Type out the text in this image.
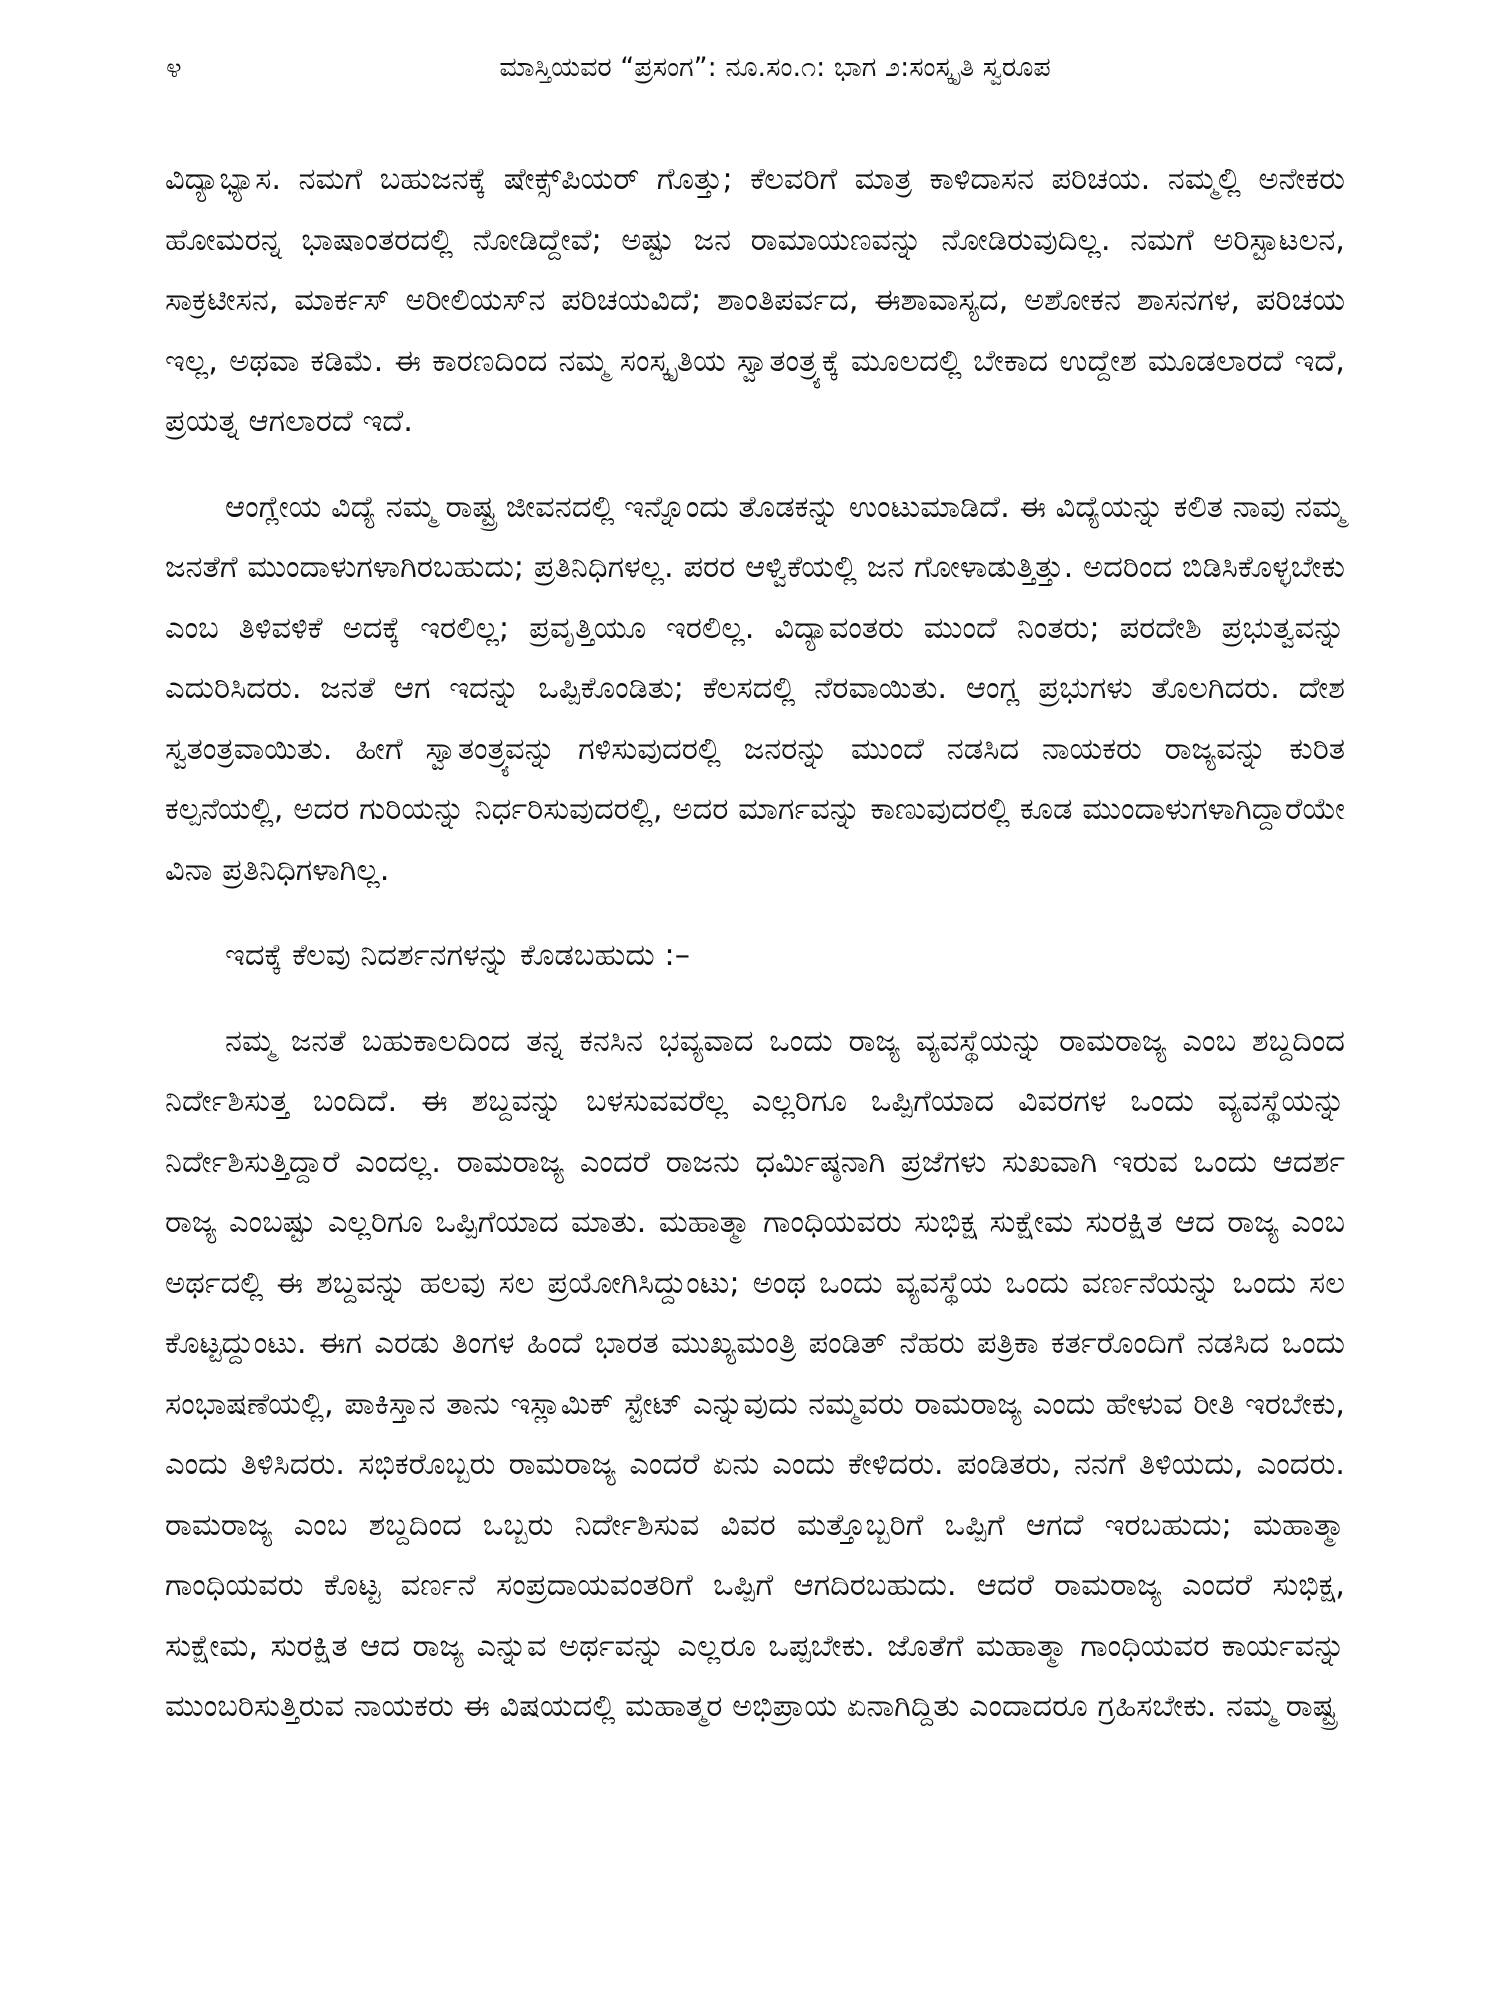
೪	ಮಾಸ್ತಿಯವರ “ಪ್ರಸಂಗ”: ನೂ.ಸಂ.೧: ಭಾಗ ೨:ಸಂಸ್ಕೃತಿ ಸ್ವರೂಪ

ವಿದ್ಯಾಭ್ಯಾಸ. ನಮಗೆ ಬಹುಜನಕ್ಕೆ ಷೇಕ್ಸ್‌ಪಿಯರ್ ಗೊತ್ತು; ಕೆಲವರಿಗೆ ಮಾತ್ರ ಕಾಳಿದಾಸನ ಪರಿಚಯ. ನಮ್ಮಲ್ಲಿ ಅನೇಕರು ಹೋಮರನ್ನ ಭಾಷಾಂತರದಲ್ಲಿ ನೋಡಿದ್ದೇವೆ; ಅಷ್ಟು ಜನ ರಾಮಾಯಣವನ್ನು ನೋಡಿರುವುದಿಲ್ಲ. ನಮಗೆ ಅರಿಸ್ಟಾಟಲನ, ಸಾಕ್ರಟೀಸನ, ಮಾರ್ಕಸ್ ಅರೀಲಿಯಸ್‌ನ ಪರಿಚಯವಿದೆ; ಶಾಂತಿಪರ್ವದ, ಈಶಾವಾಸ್ಯದ, ಅಶೋಕನ ಶಾಸನಗಳ, ಪರಿಚಯ ಇಲ್ಲ, ಅಥವಾ ಕಡಿಮೆ. ಈ ಕಾರಣದಿಂದ ನಮ್ಮ ಸಂಸ್ಕೃತಿಯ ಸ್ವಾತಂತ್ರ್ಯಕ್ಕೆ ಮೂಲದಲ್ಲಿ ಬೇಕಾದ ಉದ್ದೇಶ ಮೂಡಲಾರದೆ ಇದೆ, ಪ್ರಯತ್ನ ಆಗಲಾರದೆ ಇದೆ.

ಆಂಗ್ಲೇಯ ವಿದ್ಯೆ ನಮ್ಮ ರಾಷ್ಟ್ರ ಜೀವನದಲ್ಲಿ ಇನ್ನೊಂದು ತೊಡಕನ್ನು ಉಂಟುಮಾಡಿದೆ. ಈ ವಿದ್ಯೆಯನ್ನು ಕಲಿತ ನಾವು ನಮ್ಮ ಜನತೆಗೆ ಮುಂದಾಳುಗಳಾಗಿರಬಹುದು; ಪ್ರತಿನಿಧಿಗಳಲ್ಲ. ಪರರ ಆಳ್ವಿಕೆಯಲ್ಲಿ ಜನ ಗೋಳಾಡುತ್ತಿತ್ತು. ಅದರಿಂದ ಬಿಡಿಸಿಕೊಳ್ಳಬೇಕು ಎಂಬ ತಿಳಿವಳಿಕೆ ಅದಕ್ಕೆ ಇರಲಿಲ್ಲ; ಪ್ರವೃತ್ತಿಯೂ ಇರಲಿಲ್ಲ. ವಿದ್ಯಾವಂತರು ಮುಂದೆ ನಿಂತರು; ಪರದೇಶಿ ಪ್ರಭುತ್ವವನ್ನು ಎದುರಿಸಿದರು. ಜನತೆ ಆಗ ಇದನ್ನು ಒಪ್ಪಿಕೊಂಡಿತು; ಕೆಲಸದಲ್ಲಿ ನೆರವಾಯಿತು. ಆಂಗ್ಲ ಪ್ರಭುಗಳು ತೊಲಗಿದರು. ದೇಶ ಸ್ವತಂತ್ರವಾಯಿತು. ಹೀಗೆ ಸ್ವಾತಂತ್ರ್ಯವನ್ನು ಗಳಿಸುವುದರಲ್ಲಿ ಜನರನ್ನು ಮುಂದೆ ನಡಸಿದ ನಾಯಕರು ರಾಜ್ಯವನ್ನು ಕುರಿತ ಕಲ್ಪನೆಯಲ್ಲಿ, ಅದರ ಗುರಿಯನ್ನು ನಿರ್ಧರಿಸುವುದರಲ್ಲಿ, ಅದರ ಮಾರ್ಗವನ್ನು ಕಾಣುವುದರಲ್ಲಿ ಕೂಡ ಮುಂದಾಳುಗಳಾಗಿದ್ದಾರೆಯೇ ವಿನಾ ಪ್ರತಿನಿಧಿಗಳಾಗಿಲ್ಲ.

ಇದಕ್ಕೆ ಕೆಲವು ನಿದರ್ಶನಗಳನ್ನು ಕೊಡಬಹುದು :–

ನಮ್ಮ ಜನತೆ ಬಹುಕಾಲದಿಂದ ತನ್ನ ಕನಸಿನ ಭವ್ಯವಾದ ಒಂದು ರಾಜ್ಯ ವ್ಯವಸ್ಥೆಯನ್ನು ರಾಮರಾಜ್ಯ ಎಂಬ ಶಬ್ದದಿಂದ ನಿರ್ದೇಶಿಸುತ್ತ ಬಂದಿದೆ. ಈ ಶಬ್ದವನ್ನು ಬಳಸುವವರೆಲ್ಲ ಎಲ್ಲರಿಗೂ ಒಪ್ಪಿಗೆಯಾದ ವಿವರಗಳ ಒಂದು ವ್ಯವಸ್ಥೆಯನ್ನು ನಿರ್ದೇಶಿಸುತ್ತಿದ್ದಾರೆ ಎಂದಲ್ಲ. ರಾಮರಾಜ್ಯ ಎಂದರೆ ರಾಜನು ಧರ್ಮಿಷ್ಠನಾಗಿ ಪ್ರಜೆಗಳು ಸುಖವಾಗಿ ಇರುವ ಒಂದು ಆದರ್ಶ ರಾಜ್ಯ ಎಂಬಷ್ಟು ಎಲ್ಲರಿಗೂ ಒಪ್ಪಿಗೆಯಾದ ಮಾತು. ಮಹಾತ್ಮಾ ಗಾಂಧಿಯವರು ಸುಭಿಕ್ಷ ಸುಕ್ಷೇಮ ಸುರಕ್ಷಿತ ಆದ ರಾಜ್ಯ ಎಂಬ ಅರ್ಥದಲ್ಲಿ ಈ ಶಬ್ದವನ್ನು ಹಲವು ಸಲ ಪ್ರಯೋಗಿಸಿದ್ದುಂಟು; ಅಂಥ ಒಂದು ವ್ಯವಸ್ಥೆಯ ಒಂದು ವರ್ಣನೆಯನ್ನು ಒಂದು ಸಲ ಕೊಟ್ಟದ್ದುಂಟು. ಈಗ ಎರಡು ತಿಂಗಳ ಹಿಂದೆ ಭಾರತ ಮುಖ್ಯಮಂತ್ರಿ ಪಂಡಿತ್ ನೆಹರು ಪತ್ರಿಕಾ ಕರ್ತರೊಂದಿಗೆ ನಡಸಿದ ಒಂದು ಸಂಭಾಷಣೆಯಲ್ಲಿ, ಪಾಕಿಸ್ತಾನ ತಾನು ಇಸ್ಲಾಮಿಕ್ ಸ್ಟೇಟ್ ಎನ್ನುವುದು ನಮ್ಮವರು ರಾಮರಾಜ್ಯ ಎಂದು ಹೇಳುವ ರೀತಿ ಇರಬೇಕು, ಎಂದು ತಿಳಿಸಿದರು. ಸಭಿಕರೊಬ್ಬರು ರಾಮರಾಜ್ಯ ಎಂದರೆ ಏನು ಎಂದು ಕೇಳಿದರು. ಪಂಡಿತರು, ನನಗೆ ತಿಳಿಯದು, ಎಂದರು. ರಾಮರಾಜ್ಯ ಎಂಬ ಶಬ್ದದಿಂದ ಒಬ್ಬರು ನಿರ್ದೇಶಿಸುವ ವಿವರ ಮತ್ತೊಬ್ಬರಿಗೆ ಒಪ್ಪಿಗೆ ಆಗದೆ ಇರಬಹುದು; ಮಹಾತ್ಮಾ ಗಾಂಧಿಯವರು ಕೊಟ್ಟ ವರ್ಣನೆ ಸಂಪ್ರದಾಯವಂತರಿಗೆ ಒಪ್ಪಿಗೆ ಆಗದಿರಬಹುದು. ಆದರೆ ರಾಮರಾಜ್ಯ ಎಂದರೆ ಸುಭಿಕ್ಷ, ಸುಕ್ಷೇಮ, ಸುರಕ್ಷಿತ ಆದ ರಾಜ್ಯ ಎನ್ನುವ ಅರ್ಥವನ್ನು ಎಲ್ಲರೂ ಒಪ್ಪಬೇಕು. ಜೊತೆಗೆ ಮಹಾತ್ಮಾ ಗಾಂಧಿಯವರ ಕಾರ್ಯವನ್ನು ಮುಂಬರಿಸುತ್ತಿರುವ ನಾಯಕರು ಈ ವಿಷಯದಲ್ಲಿ ಮಹಾತ್ಮರ ಅಭಿಪ್ರಾಯ ಏನಾಗಿದ್ದಿತು ಎಂದಾದರೂ ಗ್ರಹಿಸಬೇಕು. ನಮ್ಮ ರಾಷ್ಟ್ರ
